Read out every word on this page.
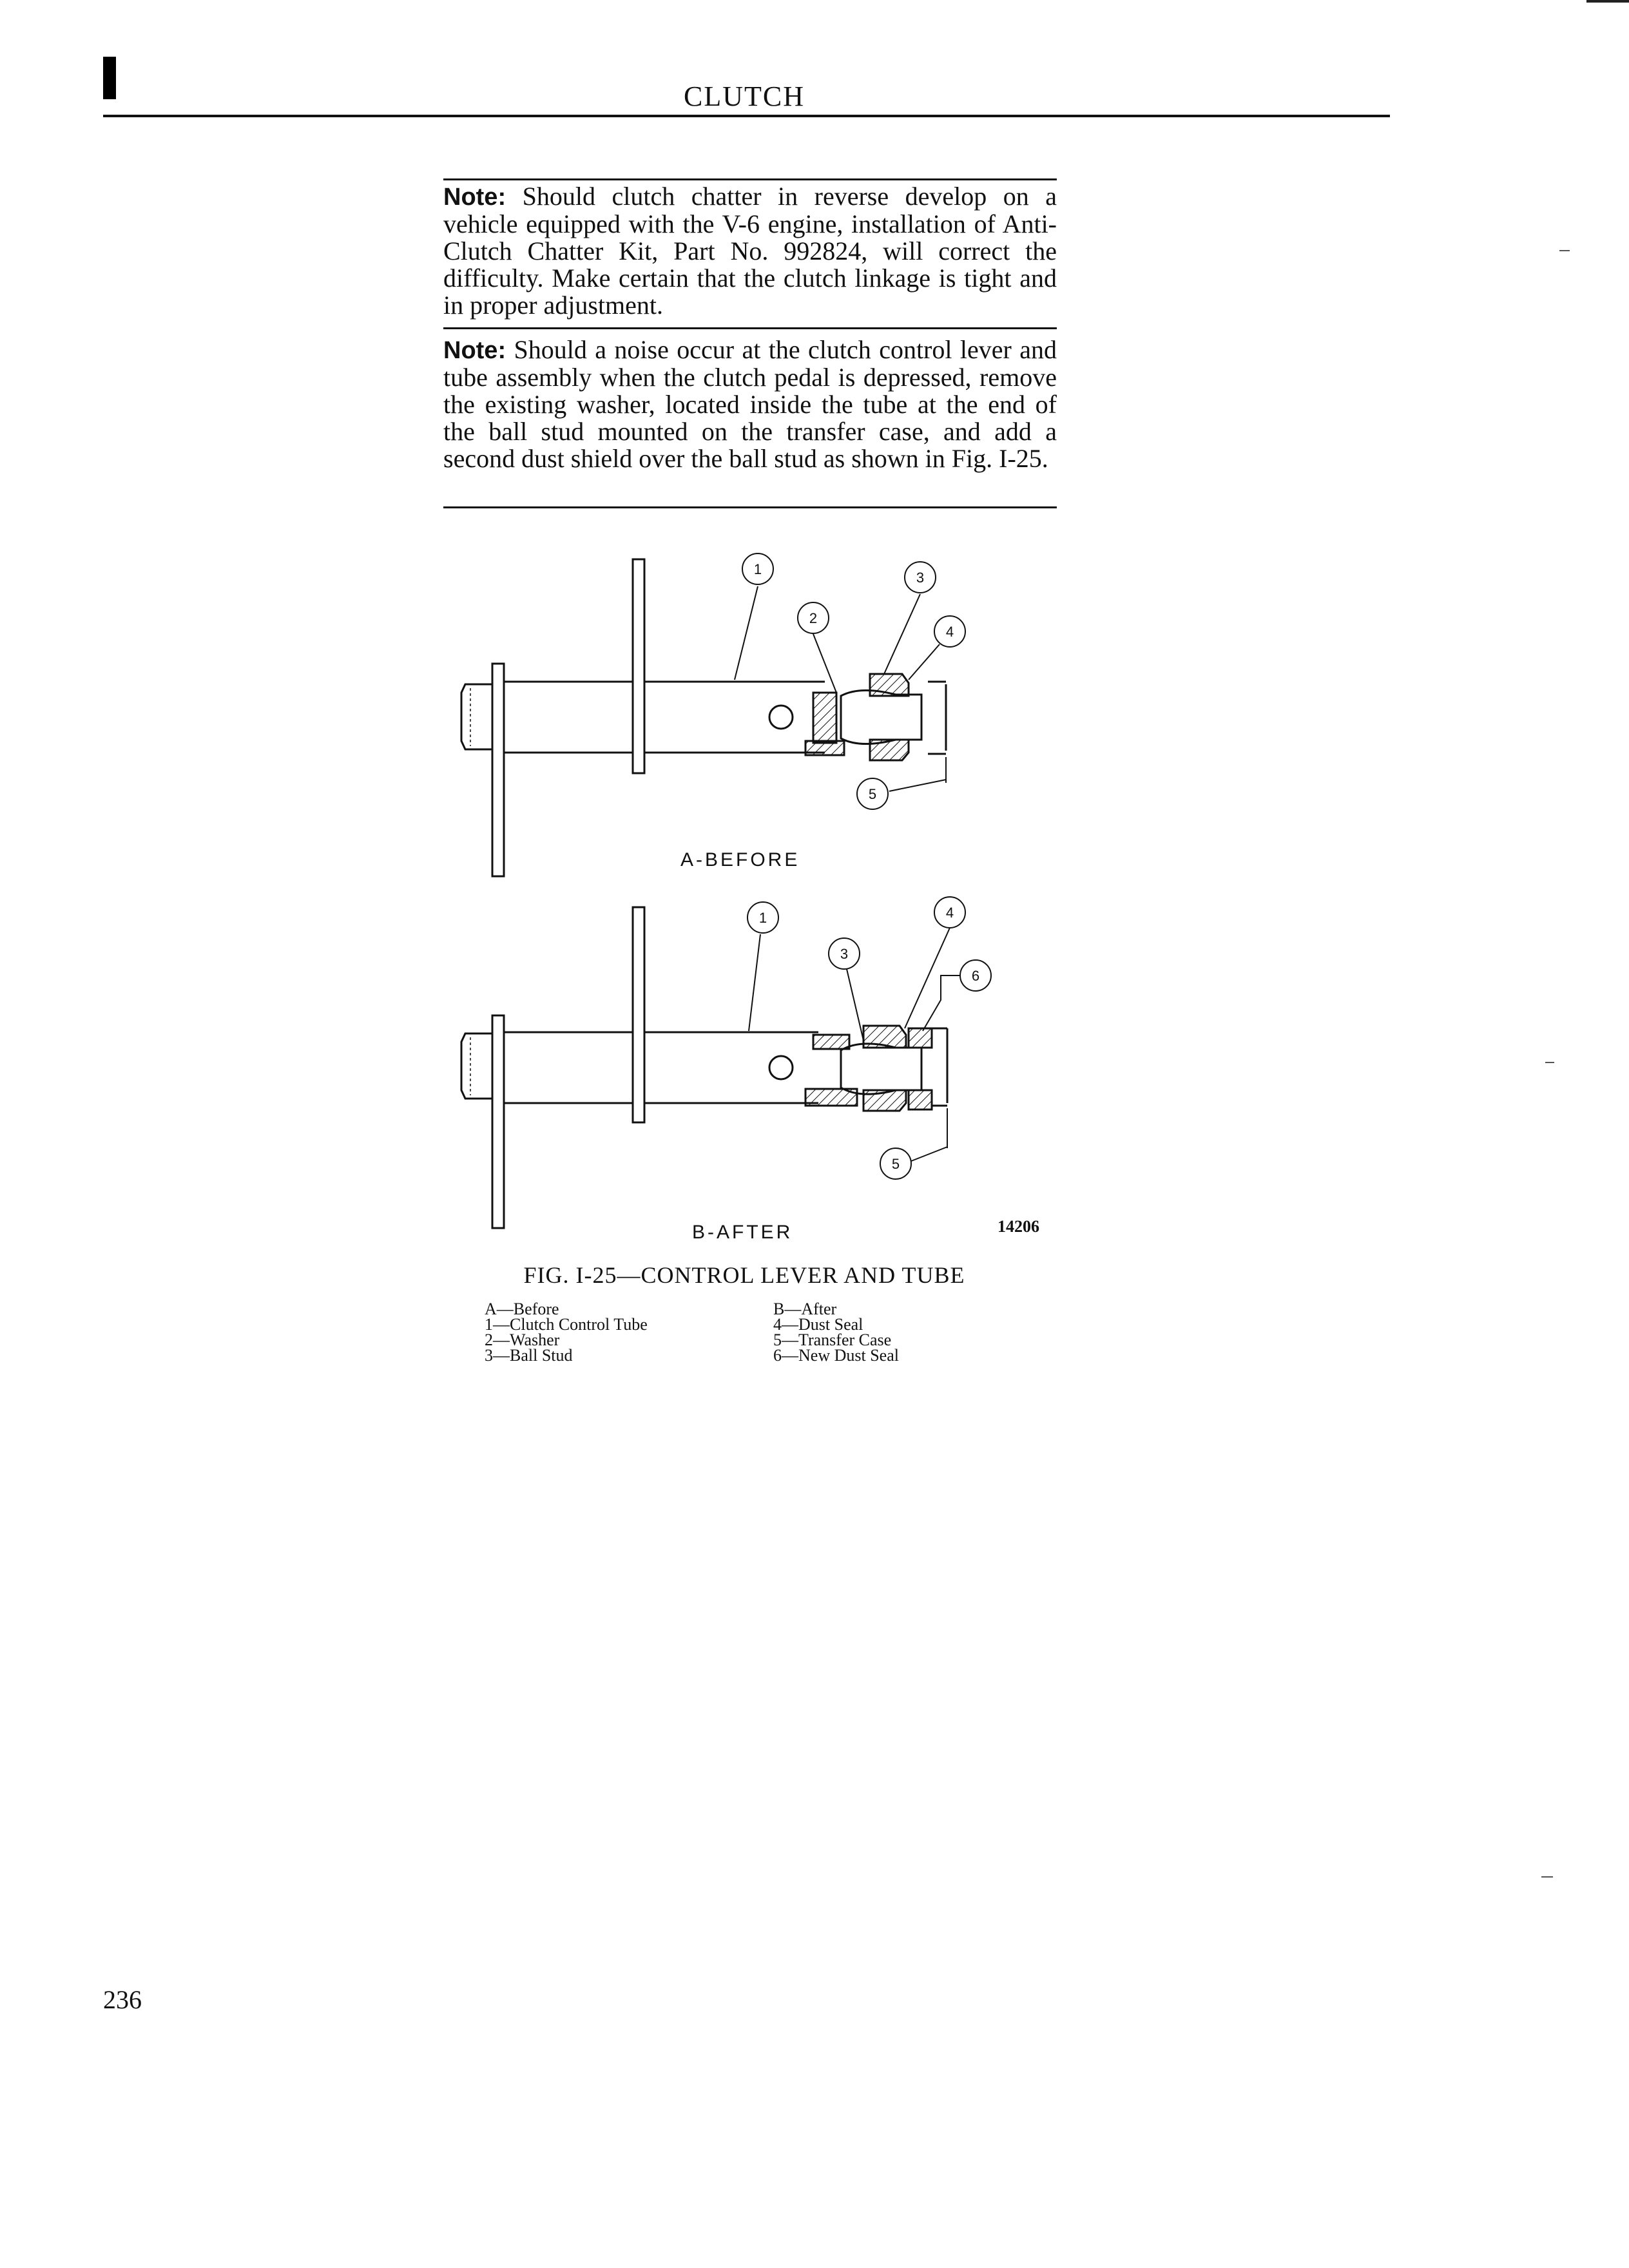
CLUTCH
Note: Should clutch chatter in reverse develop on a vehicle equipped with the V-6 engine, installation of Anti-Clutch Chatter Kit, Part No. 992824, will correct the difficulty. Make certain that the clutch linkage is tight and in proper adjustment.
Note: Should a noise occur at the clutch control lever and tube assembly when the clutch pedal is depressed, remove the existing washer, located inside the tube at the end of the ball stud mounted on the transfer case, and add a second dust shield over the ball stud as shown in Fig. I-25.
1
2
3
4
5
A-BEFORE
1
3
4
6
5
B-AFTER	14206
FIG. I-25—CONTROL LEVER AND TUBE
A—Before
1—Clutch Control Tube
2—Washer
3—Ball Stud
B—After
4—Dust Seal
5—Transfer Case
6—New Dust Seal
236
